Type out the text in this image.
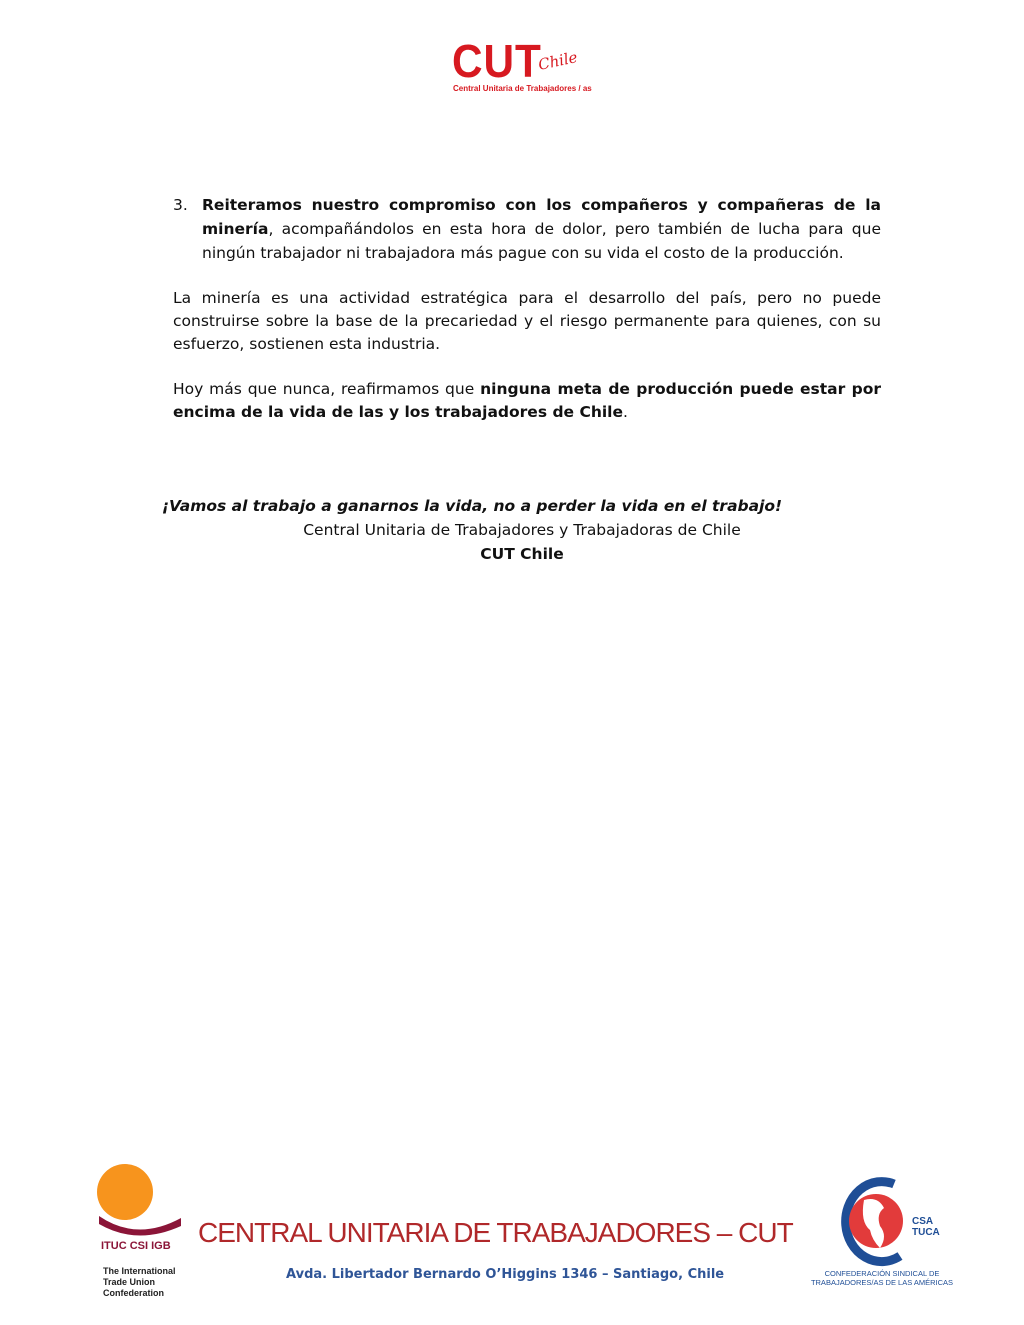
CUT
Chile
Central Unitaria de Trabajadores / as
3. Reiteramos nuestro compromiso con los compañeros y compañeras de la minería, acompañándolos en esta hora de dolor, pero también de lucha para que ningún trabajador ni trabajadora más pague con su vida el costo de la producción.
La minería es una actividad estratégica para el desarrollo del país, pero no puede construirse sobre la base de la precariedad y el riesgo permanente para quienes, con su esfuerzo, sostienen esta industria.
Hoy más que nunca, reafirmamos que ninguna meta de producción puede estar por encima de la vida de las y los trabajadores de Chile.
¡Vamos al trabajo a ganarnos la vida, no a perder la vida en el trabajo!
Central Unitaria de Trabajadores y Trabajadoras de Chile
CUT Chile
ITUC CSI IGB
The International Trade Union Confederation
CENTRAL UNITARIA DE TRABAJADORES – CUT
Avda. Libertador Bernardo O’Higgins 1346 – Santiago, Chile
CSA
TUCA
CONFEDERACIÓN SINDICAL DE TRABAJADORES/AS DE LAS AMÉRICAS
